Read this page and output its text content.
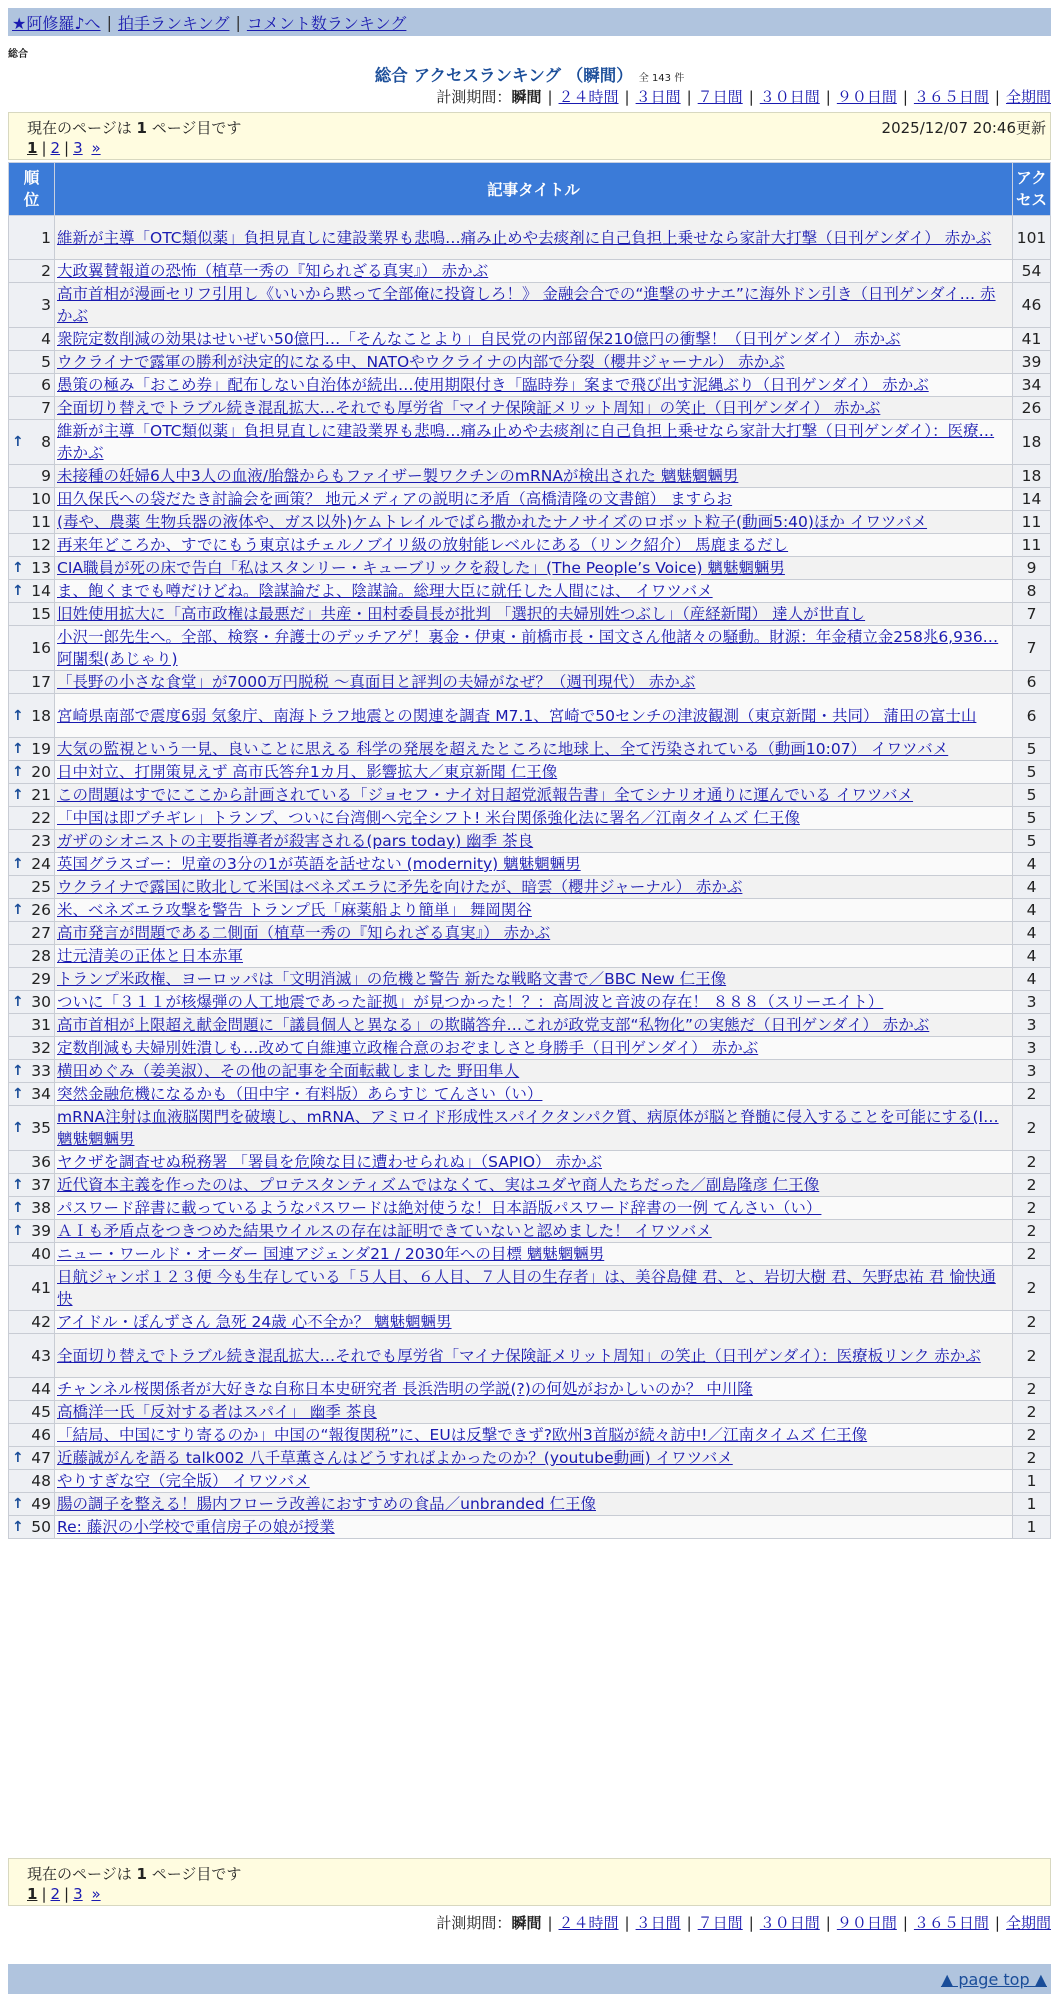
★阿修羅♪へ | 拍手ランキング | コメント数ランキング
総合
総合 アクセスランキング （瞬間） 全 143 件
計測期間：瞬間 | ２４時間 | ３日間 | ７日間 | ３０日間 | ９０日間 | ３６５日間 | 全期間
現在のページは 1 ページ目です	2025/12/07 20:46更新
1 | 2 | 3 »
順位	記事タイトル	アクセス
1	維新が主導「OTC類似薬」負担見直しに建設業界も悲鳴…痛み止めや去痰剤に自己負担上乗せなら家計大打撃（日刊ゲンダイ） 赤かぶ	101
2	大政翼賛報道の恐怖（植草一秀の『知られざる真実』） 赤かぶ	54
3	高市首相が漫画セリフ引用し《いいから黙って全部俺に投資しろ！》 金融会合での“進撃のサナエ”に海外ドン引き（日刊ゲンダイ… 赤かぶ	46
4	衆院定数削減の効果はせいぜい50億円…「そんなことより」自民党の内部留保210億円の衝撃！（日刊ゲンダイ） 赤かぶ	41
5	ウクライナで露軍の勝利が決定的になる中、NATOやウクライナの内部で分裂（櫻井ジャーナル） 赤かぶ	39
6	愚策の極み「おこめ券」配布しない自治体が続出…使用期限付き「臨時券」案まで飛び出す泥縄ぶり（日刊ゲンダイ） 赤かぶ	34
7	全面切り替えでトラブル続き混乱拡大…それでも厚労省「マイナ保険証メリット周知」の笑止（日刊ゲンダイ） 赤かぶ	26

↑ 8	維新が主導「OTC類似薬」負担見直しに建設業界も悲鳴…痛み止めや去痰剤に自己負担上乗せなら家計大打撃（日刊ゲンダイ）：医療… 赤かぶ	18
9	未接種の妊婦6人中3人の血液/胎盤からもファイザー製ワクチンのmRNAが検出された 魑魅魍魎男	18
10	田久保氏への袋だたき討論会を画策？ 地元メディアの説明に矛盾（高橋清隆の文書館） ますらお	14
11	(毒や、農薬 生物兵器の液体や、ガス以外)ケムトレイルでばら撒かれたナノサイズのロボット粒子(動画5:40)ほか イワツバメ	11
12	再来年どころか、すでにもう東京はチェルノブイリ級の放射能レベルにある（リンク紹介） 馬鹿まるだし	11

↑ 13	CIA職員が死の床で告白「私はスタンリー・キューブリックを殺した」(The People’s Voice) 魑魅魍魎男	9

↑ 14	ま、飽くまでも噂だけどね。陰謀論だよ、陰謀論。総理大臣に就任した人間には、 イワツバメ	8
15	旧姓使用拡大に「高市政権は最悪だ」共産・田村委員長が批判 「選択的夫婦別姓つぶし」（産経新聞） 達人が世直し	7
16	小沢一郎先生へ。全部、検察・弁護士のデッチアゲ！裏金・伊東・前橋市長・国文さん他諸々の騒動。財源：年金積立金258兆6,936… 阿闍梨(あじゃり)	7
17	「長野の小さな食堂」が7000万円脱税 ～真面目と評判の夫婦がなぜ？（週刊現代） 赤かぶ	6

↑ 18	宮崎県南部で震度6弱 気象庁、南海トラフ地震との関連を調査 M7.1、宮崎で50センチの津波観測（東京新聞・共同） 蒲田の富士山	6

↑ 19	大気の監視という一見、良いことに思える 科学の発展を超えたところに地球上、全て汚染されている（動画10:07） イワツバメ	5

↑ 20	日中対立、打開策見えず 高市氏答弁1カ月、影響拡大／東京新聞 仁王像	5

↑ 21	この問題はすでにここから計画されている「ジョセフ・ナイ対日超党派報告書」全てシナリオ通りに運んでいる イワツバメ	5
22	「中国は即ブチギレ」トランプ、ついに台湾側へ完全シフト! 米台関係強化法に署名／江南タイムズ 仁王像	5
23	ガザのシオニストの主要指導者が殺害される(pars today) 幽季 茶良	5

↑ 24	英国グラスゴー：児童の3分の1が英語を話せない (modernity) 魑魅魍魎男	4
25	ウクライナで露国に敗北して米国はベネズエラに矛先を向けたが、暗雲（櫻井ジャーナル） 赤かぶ	4

↑ 26	米、ベネズエラ攻撃を警告 トランプ氏「麻薬船より簡単」 舞岡関谷	4
27	高市発言が問題である二側面（植草一秀の『知られざる真実』） 赤かぶ	4
28	辻元清美の正体と日本赤軍	4
29	トランプ米政権、ヨーロッパは「文明消滅」の危機と警告 新たな戦略文書で／BBC New 仁王像	4

↑ 30	ついに「３１１が核爆弾の人工地震であった証拠」が見つかった！？：高周波と音波の存在！ ８８８（スリーエイト）	3
31	高市首相が上限超え献金問題に「議員個人と異なる」の欺瞞答弁…これが政党支部“私物化”の実態だ（日刊ゲンダイ） 赤かぶ	3
32	定数削減も夫婦別姓潰しも…改めて自維連立政権合意のおぞましさと身勝手（日刊ゲンダイ） 赤かぶ	3

↑ 33	横田めぐみ（姜美淑）、その他の記事を全面転載しました 野田隼人	3

↑ 34	突然金融危機になるかも（田中宇・有料版）あらすじ てんさい（い）	2

↑ 35	mRNA注射は血液脳関門を破壊し、mRNA、アミロイド形成性スパイクタンパク質、病原体が脳と脊髄に侵入することを可能にする(I… 魑魅魍魎男	2
36	ヤクザを調査せぬ税務署 「署員を危険な目に遭わせられぬ」（SAPIO） 赤かぶ	2

↑ 37	近代資本主義を作ったのは、プロテスタンティズムではなくて、実はユダヤ商人たちだった／副島隆彦 仁王像	2

↑ 38	パスワード辞書に載っているようなパスワードは絶対使うな！日本語版パスワード辞書の一例 てんさい（い）	2

↑ 39	ＡＩも矛盾点をつきつめた結果ウイルスの存在は証明できていないと認めました！ イワツバメ	2
40	ニュー・ワールド・オーダー 国連アジェンダ21 / 2030年への目標 魑魅魍魎男	2
41	日航ジャンボ１２３便 今も生存している「５人目、６人目、７人目の生存者」は、美谷島健 君、と、岩切大樹 君、矢野忠祐 君 愉快通快	2
42	アイドル・ぽんずさん 急死 24歳 心不全か？ 魑魅魍魎男	2
43	全面切り替えでトラブル続き混乱拡大…それでも厚労省「マイナ保険証メリット周知」の笑止（日刊ゲンダイ）：医療板リンク 赤かぶ	2
44	チャンネル桜関係者が大好きな自称日本史研究者 長浜浩明の学説(?)の何処がおかしいのか？ 中川隆	2
45	高橋洋一氏「反対する者はスパイ」 幽季 茶良	2
46	「結局、中国にすり寄るのか」中国の“報復関税”に、EUは反撃できず?欧州3首脳が続々訪中!／江南タイムズ 仁王像	2

↑ 47	近藤誠がんを語る talk002 八千草薫さんはどうすればよかったのか？(youtube動画) イワツバメ	2
48	やりすぎな空（完全版） イワツバメ	1

↑ 49	腸の調子を整える！腸内フローラ改善におすすめの食品／unbranded 仁王像	1

↑ 50	Re: 藤沢の小学校で重信房子の娘が授業	1
現在のページは 1 ページ目です
1 | 2 | 3 »
計測期間：瞬間 | ２４時間 | ３日間 | ７日間 | ３０日間 | ９０日間 | ３６５日間 | 全期間
▲ page top ▲
